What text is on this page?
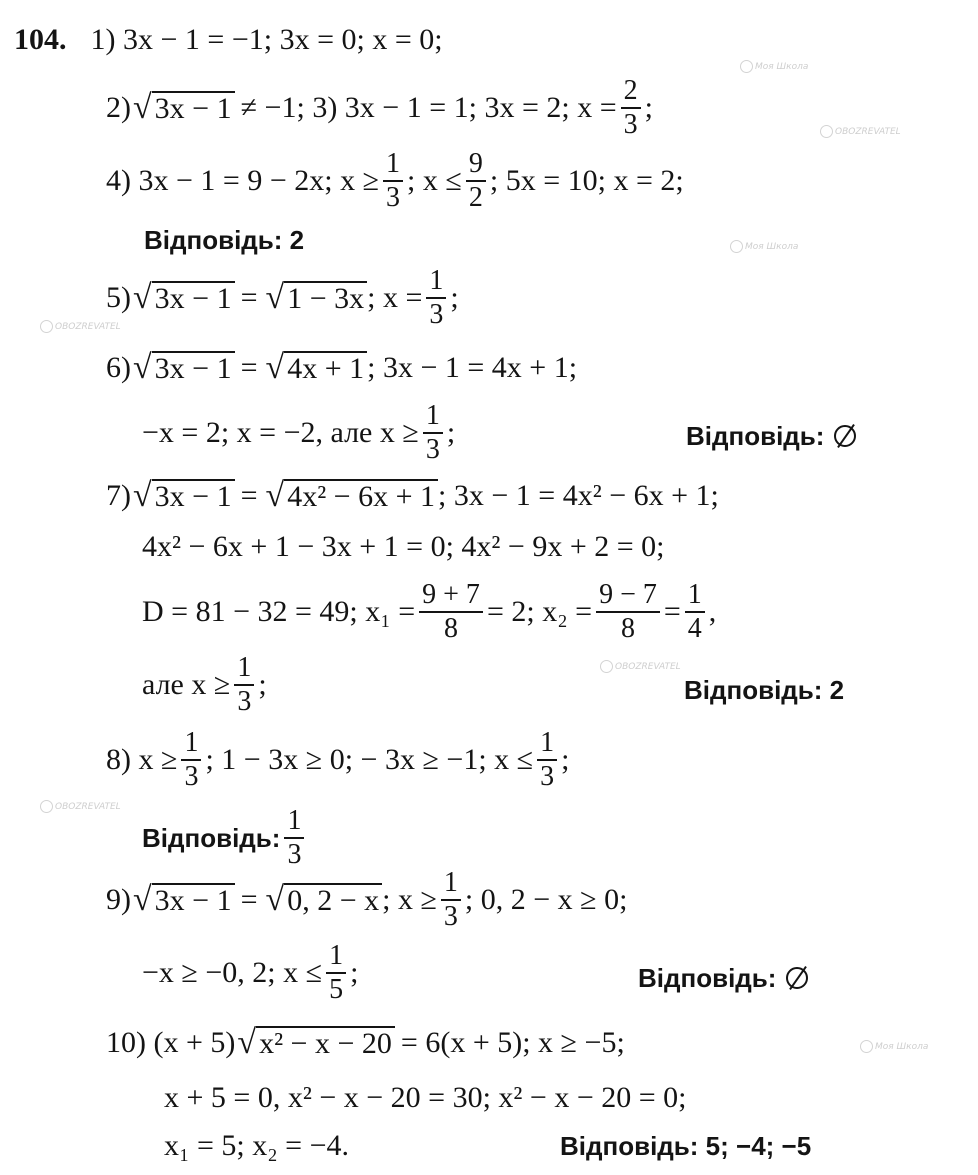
Моя Школа
OBOZREVATEL
OBOZREVATEL
Моя Школа
OBOZREVATEL
OBOZREVATEL
Моя Школа
104. 1) 3x − 1 = −1; 3x = 0; x = 0;
2) √ 3x − 1 ≠ −1; 3) 3x − 1 = 1; 3x = 2; $x = \frac{2}{3}$ ;
4) 3x − 1 = 9 − 2x; $x \ge \frac{1}{3}$ ; $x \le \frac{9}{2}$ ; 5x = 10; x = 2;
Відповідь: 2
5) √ 3x − 1 = √ 1 − 3x ; $x = \frac{1}{3}$ ;
6) √ 3x − 1 = √ 4x + 1 ; 3x − 1 = 4x + 1;
−x = 2; x = −2, але $x \ge \frac{1}{3}$ ;	Відповідь:
7) √ 3x − 1 = √ 4x² − 6x + 1 ; 3x − 1 = 4x² − 6x + 1;
4x² − 6x + 1 − 3x + 1 = 0; 4x² − 9x + 2 = 0;
D = 81 − 32 = 49; $x_1 = \frac{9 + 7}{8} = 2$; $x_2 = \frac{9 - 7}{8} = \frac{1}{4}$ ,
але $x \ge \frac{1}{3}$ ;	Відповідь: 2
8) $x \ge \frac{1}{3}$ ; 1 − 3x ≥ 0; − 3x ≥ −1; $x \le \frac{1}{3}$ ;
Відповідь: $\frac{1}{3}$
9) √ 3x − 1 = √ 0, 2 − x ; $x \ge \frac{1}{3}$ ; 0, 2 − x ≥ 0;
−x ≥ −0, 2; $x \le \frac{1}{5}$ ;	Відповідь:
10) (x + 5) √ x² − x − 20 = 6(x + 5); x ≥ −5;
x + 5 = 0, x² − x − 20 = 30; x² − x − 20 = 0;
x₁ = 5; x₂ = −4.	Відповідь: 5; −4; −5
